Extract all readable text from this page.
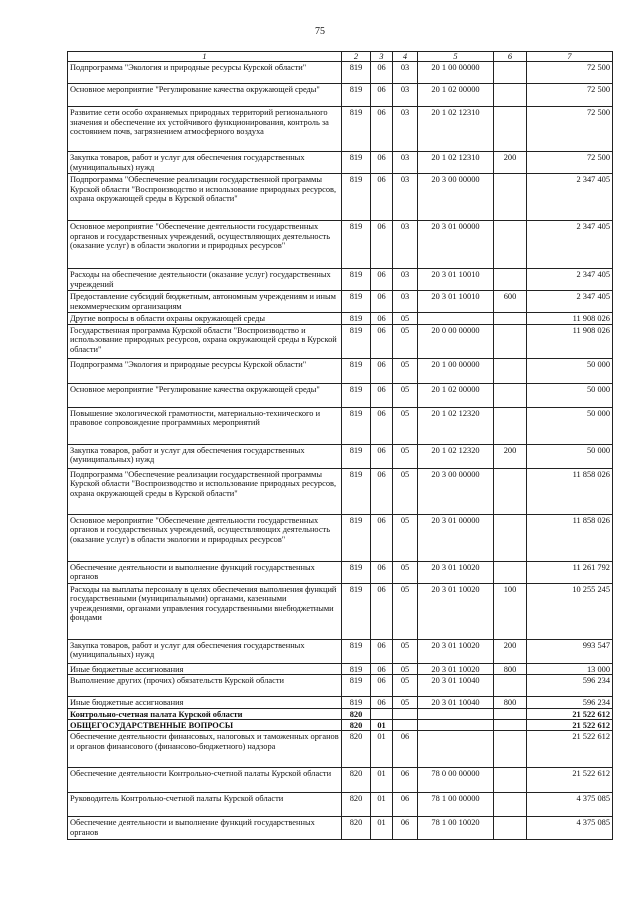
75
1	2	3	4	5	6	7
Подпрограмма "Экология и природные ресурсы Курской области"	819	06	03	20 1 00 00000		72 500
Основное мероприятие "Регулирование качества окружающей среды"	819	06	03	20 1 02 00000		72 500
Развитие сети особо охраняемых природных территорий регионального значения и обеспечение их устойчивого функционирования, контроль за состоянием почв, загрязнением атмосферного воздуха	819	06	03	20 1 02 12310		72 500
Закупка товаров, работ и услуг для обеспечения государственных (муниципальных) нужд	819	06	03	20 1 02 12310	200	72 500
Подпрограмма "Обеспечение реализации государственной программы Курской области "Воспроизводство и использование природных ресурсов, охрана окружающей среды в Курской области"	819	06	03	20 3 00 00000		2 347 405
Основное мероприятие "Обеспечение деятельности государственных органов и государственных учреждений, осуществляющих деятельность (оказание услуг) в области экологии и природных ресурсов"	819	06	03	20 3 01 00000		2 347 405
Расходы на обеспечение деятельности (оказание услуг) государственных учреждений	819	06	03	20 3 01 10010		2 347 405
Предоставление субсидий бюджетным, автономным учреждениям и иным некоммерческим организациям	819	06	03	20 3 01 10010	600	2 347 405
Другие вопросы в области охраны окружающей среды	819	06	05			11 908 026
Государственная программа Курской области "Воспроизводство и использование природных ресурсов, охрана окружающей среды в Курской области"	819	06	05	20 0 00 00000		11 908 026
Подпрограмма "Экология и природные ресурсы Курской области"	819	06	05	20 1 00 00000		50 000
Основное мероприятие "Регулирование качества окружающей среды"	819	06	05	20 1 02 00000		50 000
Повышение экологической грамотности, материально-технического и правовое сопровождение программных мероприятий	819	06	05	20 1 02 12320		50 000
Закупка товаров, работ и услуг для обеспечения государственных (муниципальных) нужд	819	06	05	20 1 02 12320	200	50 000
Подпрограмма "Обеспечение реализации государственной программы Курской области "Воспроизводство и использование природных ресурсов, охрана окружающей среды в Курской области"	819	06	05	20 3 00 00000		11 858 026
Основное мероприятие "Обеспечение деятельности государственных органов и государственных учреждений, осуществляющих деятельность (оказание услуг) в области экологии и природных ресурсов"	819	06	05	20 3 01 00000		11 858 026
Обеспечение деятельности и выполнение функций государственных органов	819	06	05	20 3 01 10020		11 261 792
Расходы на выплаты персоналу в целях обеспечения выполнения функций государственными (муниципальными) органами, казенными учреждениями, органами управления государственными внебюджетными фондами	819	06	05	20 3 01 10020	100	10 255 245
Закупка товаров, работ и услуг для обеспечения государственных (муниципальных) нужд	819	06	05	20 3 01 10020	200	993 547
Иные бюджетные ассигнования	819	06	05	20 3 01 10020	800	13 000
Выполнение других (прочих) обязательств Курской области	819	06	05	20 3 01 10040		596 234
Иные бюджетные ассигнования	819	06	05	20 3 01 10040	800	596 234
Контрольно-счетная палата Курской области	820					21 522 612
ОБЩЕГОСУДАРСТВЕННЫЕ ВОПРОСЫ	820	01				21 522 612
Обеспечение деятельности финансовых, налоговых и таможенных органов и органов финансового (финансово-бюджетного) надзора	820	01	06			21 522 612
Обеспечение деятельности Контрольно-счетной палаты Курской области	820	01	06	78 0 00 00000		21 522 612
Руководитель Контрольно-счетной палаты Курской области	820	01	06	78 1 00 00000		4 375 085
Обеспечение деятельности и выполнение функций государственных органов	820	01	06	78 1 00 10020		4 375 085
